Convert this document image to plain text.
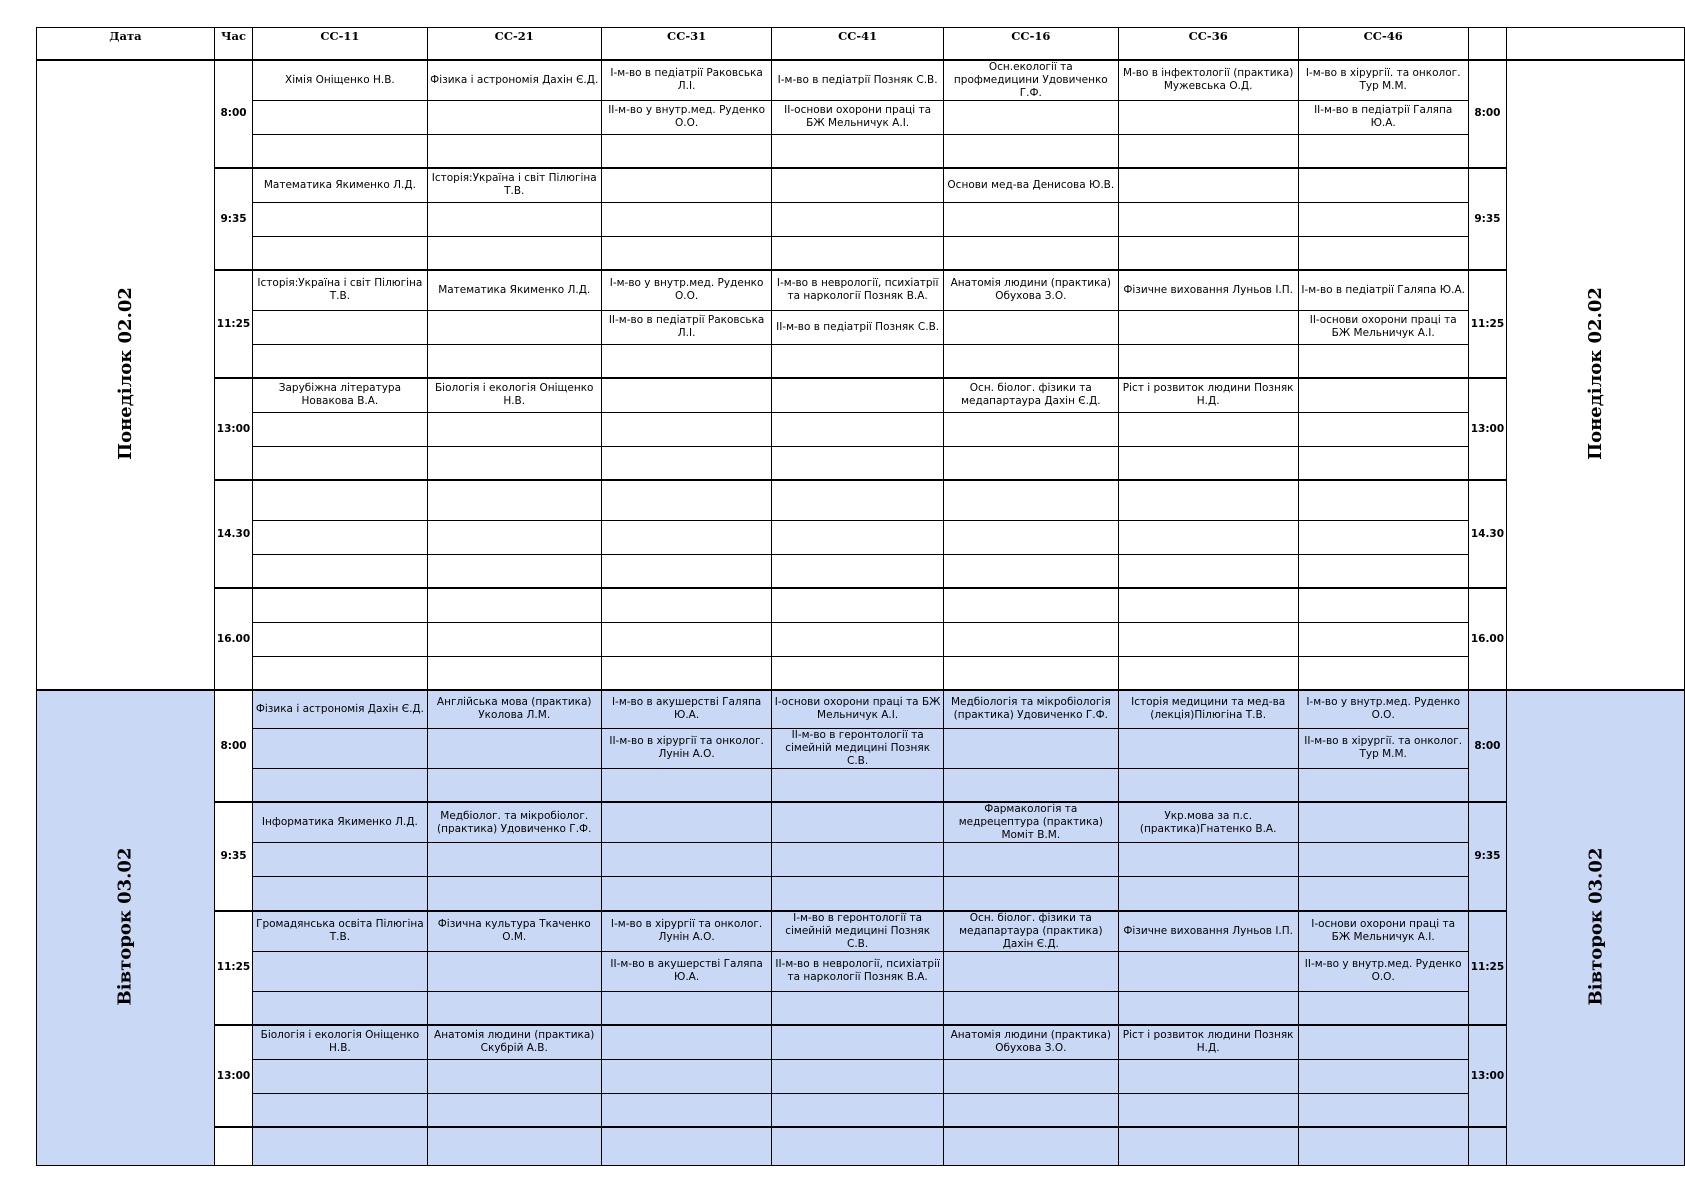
Дата	Час	СС-11	СС-21	СС-31	СС-41	СС-16	СС-36	СС-46		
Понеділок 02.02	8:00	Хімія Оніщенко Н.В.	Фізика і астрономія Дахін Є.Д.	І-м-во в педіатрії Раковська Л.І.	І-м-во в педіатрії Позняк С.В.	Осн.екології та профмедицини Удовиченко Г.Ф.	М-во в інфектології (практика) Мужевська О.Д.	І-м-во в хірургії. та онколог. Тур М.М.	8:00	Понеділок 02.02
				ІІ-м-во у внутр.мед. Руденко О.О.	ІІ-основи охорони праці та БЖ Мельничук А.І.			ІІ-м-во в педіатрії Галяпа Ю.А.		

	9:35	Математика Якименко Л.Д.	Історія:Україна і світ Пілюгіна Т.В.			Основи мед-ва Денисова Ю.В.			9:35	

	11:25	Історія:Україна і світ Пілюгіна Т.В.	Математика Якименко Л.Д.	І-м-во у внутр.мед. Руденко О.О.	І-м-во в неврології, психіатрії та наркології Позняк В.А.	Анатомія людини (практика) Обухова З.О.	Фізичне виховання Луньов І.П.	І-м-во в педіатрії Галяпа Ю.А.	11:25	
				ІІ-м-во в педіатрії Раковська Л.І.	ІІ-м-во в педіатрії Позняк С.В.			ІІ-основи охорони праці та БЖ Мельничук А.І.		

	13:00	Зарубіжна література Новакова В.А.	Біологія і екологія Оніщенко Н.В.			Осн. біолог. фізики та медапартаура Дахін Є.Д.	Ріст і розвиток людини Позняк Н.Д.		13:00	

	14.30								14.30	

	16.00								16.00	

Вівторок 03.02	8:00	Фізика і астрономія Дахін Є.Д.	Англійська мова (практика) Уколова Л.М.	І-м-во в акушерстві Галяпа Ю.А.	І-основи охорони праці та БЖ Мельничук А.І.	Медбіологія та мікробіологія (практика) Удовиченко Г.Ф.	Історія медицини та мед-ва (лекція)Пілюгіна Т.В.	І-м-во у внутр.мед. Руденко О.О.	8:00	Вівторок 03.02
				ІІ-м-во в хірургії та онколог. Лунін А.О.	ІІ-м-во в геронтології та сімейній медицині Позняк С.В.			ІІ-м-во в хірургії. та онколог. Тур М.М.		

	9:35	Інформатика Якименко Л.Д.	Медбіолог. та мікробіолог. (практика) Удовиченко Г.Ф.			Фармакологія та медрецептура (практика) Моміт В.М.	Укр.мова за п.с. (практика)Гнатенко В.А.		9:35	

	11:25	Громадянська освіта Пілюгіна Т.В.	Фізична культура Ткаченко О.М.	І-м-во в хірургії та онколог. Лунін А.О.	І-м-во в геронтології та сімейній медицині Позняк С.В.	Осн. біолог. фізики та медапартаура (практика) Дахін Є.Д.	Фізичне виховання Луньов І.П.	І-основи охорони праці та БЖ Мельничук А.І.	11:25	
				ІІ-м-во в акушерстві Галяпа Ю.А.	ІІ-м-во в неврології, психіатрії та наркології Позняк В.А.			ІІ-м-во у внутр.мед. Руденко О.О.		

	13:00	Біологія і екологія Оніщенко Н.В.	Анатомія людини (практика) Скубрій А.В.			Анатомія людини (практика) Обухова З.О.	Ріст і розвиток людини Позняк Н.Д.		13:00	
